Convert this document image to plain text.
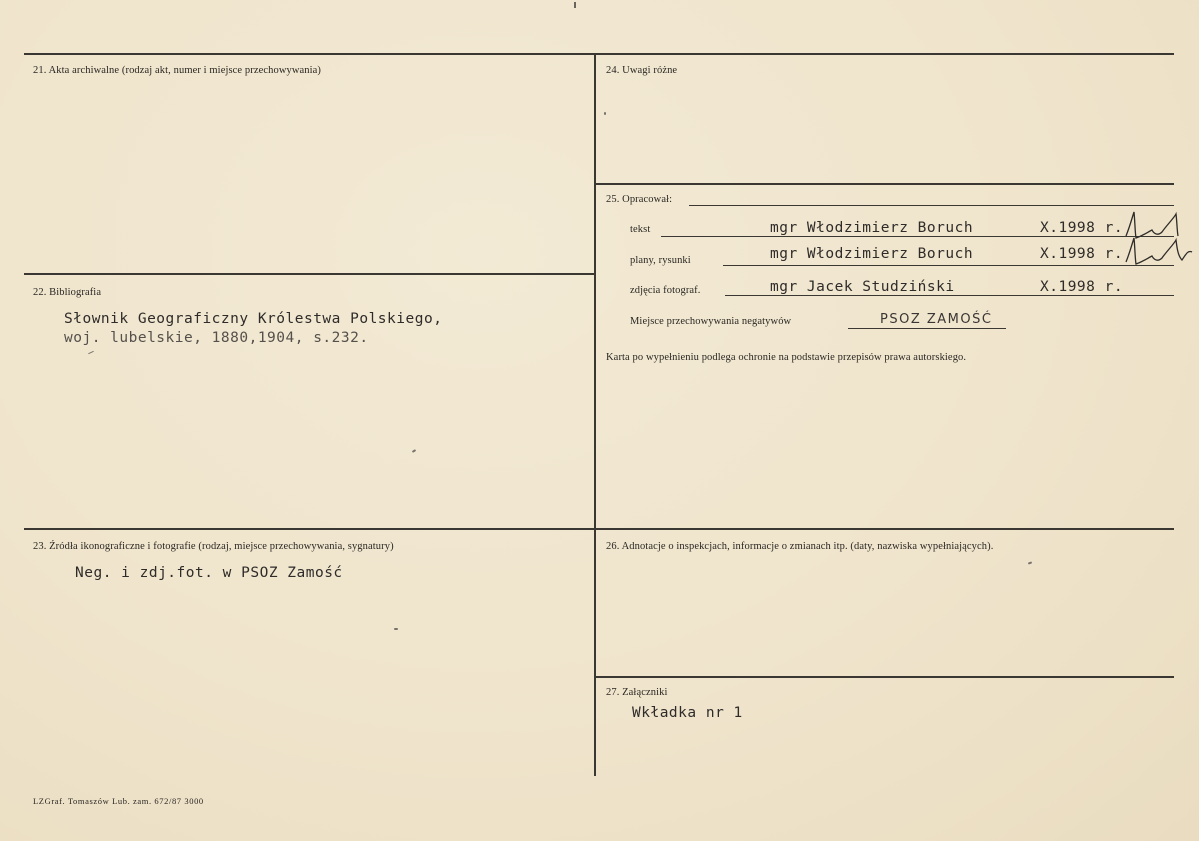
21. Akta archiwalne (rodzaj akt, numer i miejsce przechowywania)
22. Bibliografia
Słownik Geograficzny Królestwa Polskiego,
woj. lubelskie, 1880,1904, s.232.
23. Źródła ikonograficzne i fotografie (rodzaj, miejsce przechowywania, sygnatury)
Neg. i zdj.fot. w PSOZ Zamość
24. Uwagi różne
25. Opracował:
tekst	mgr Włodzimierz Boruch	X.1998 r.
plany, rysunki	mgr Włodzimierz Boruch	X.1998 r.
zdjęcia fotograf.	mgr Jacek Studziński	X.1998 r.
Miejsce przechowywania negatywów	PSOZ ZAMOŚĆ
Karta po wypełnieniu podlega ochronie na podstawie przepisów prawa autorskiego.
26. Adnotacje o inspekcjach, informacje o zmianach itp. (daty, nazwiska wypełniających).
27. Załączniki
Wkładka nr 1
LZGraf. Tomaszów Lub. zam. 672/87 3000
